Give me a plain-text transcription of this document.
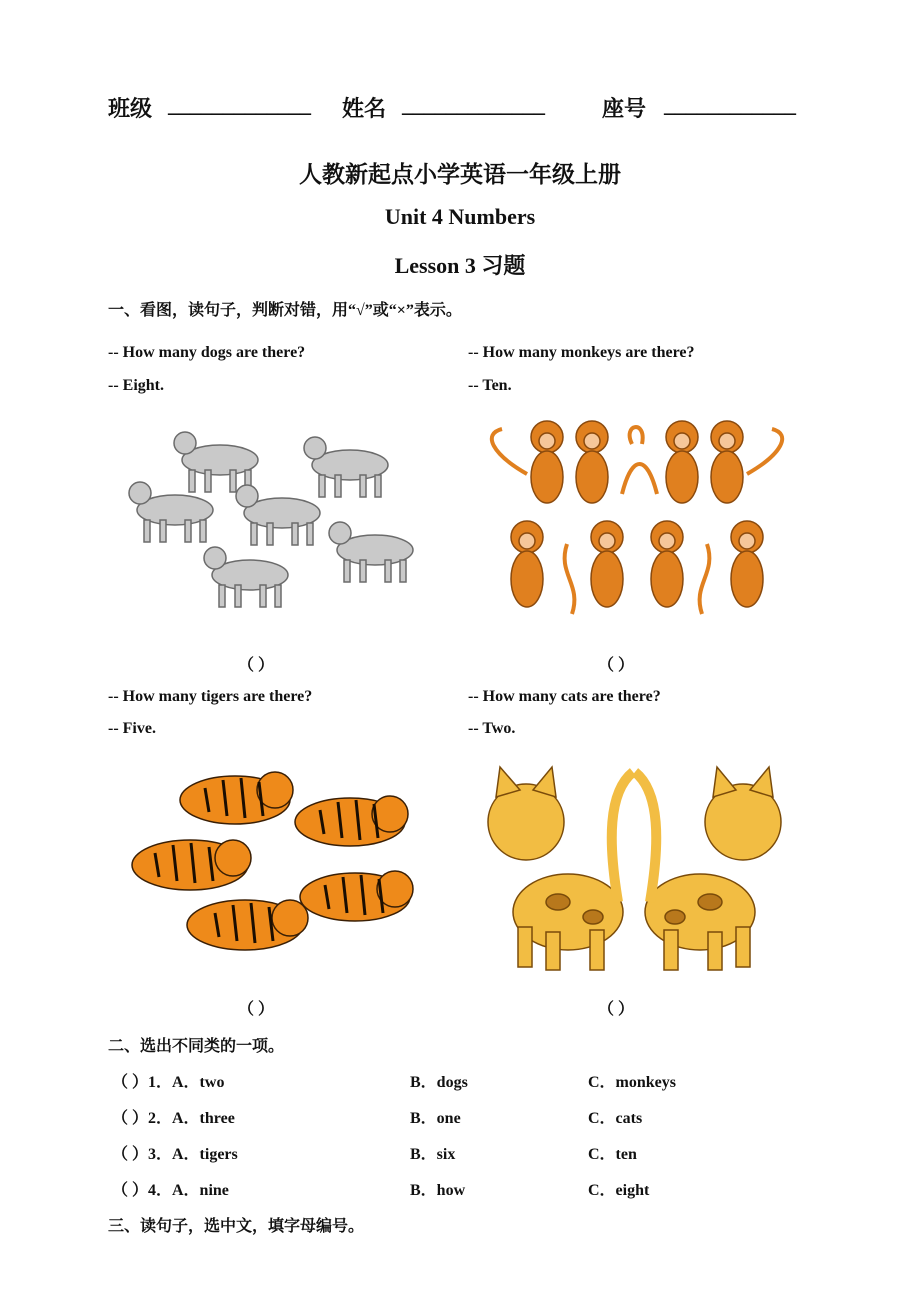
班级 _____________ 姓名 _____________	座号 ____________
人教新起点小学英语一年级上册
Unit 4 Numbers
Lesson 3 习题
一、看图，读句子，判断对错，用“√”或“×”表示。
-- How many dogs are there?
-- Eight.
（ ）
-- How many monkeys are there?
-- Ten.
（ ）
-- How many tigers are there?
-- Five.
（ ）
-- How many cats are there?
-- Two.
（ ）
二、选出不同类的一项。
（ ）1．A．two	B．dogs	C．monkeys
（ ）2．A．three	B．one	C．cats
（ ）3．A．tigers	B．six	C．ten
（ ）4．A．nine	B．how	C．eight
三、读句子，选中文，填字母编号。
